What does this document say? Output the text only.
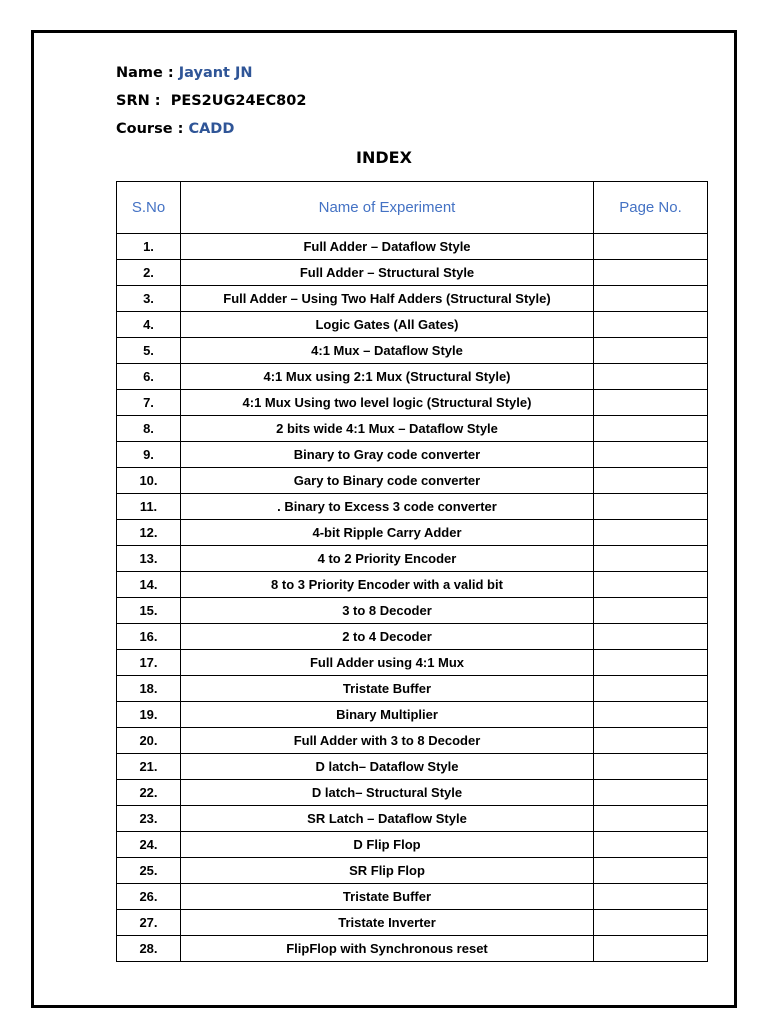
Name : Jayant JN
SRN :  PES2UG24EC802
Course : CADD
INDEX
S.No	Name of Experiment	Page No.
1.	Full Adder – Dataflow Style	
2.	Full Adder – Structural Style	
3.	Full Adder – Using Two Half Adders (Structural Style)	
4.	Logic Gates (All Gates)	
5.	4:1 Mux – Dataflow Style	
6.	4:1 Mux using 2:1 Mux (Structural Style)	
7.	4:1 Mux Using two level logic (Structural Style)	
8.	2 bits wide 4:1 Mux – Dataflow Style	
9.	Binary to Gray code converter	
10.	Gary to Binary code converter	
11.	. Binary to Excess 3 code converter	
12.	4-bit Ripple Carry Adder	
13.	4 to 2 Priority Encoder	
14.	8 to 3 Priority Encoder with a valid bit	
15.	3 to 8 Decoder	
16.	2 to 4 Decoder	
17.	Full Adder using 4:1 Mux	
18.	Tristate Buffer	
19.	Binary Multiplier	
20.	Full Adder with 3 to 8 Decoder	
21.	D latch– Dataflow Style	
22.	D latch– Structural Style	
23.	SR Latch – Dataflow Style	
24.	D Flip Flop	
25.	SR Flip Flop	
26.	Tristate Buffer	
27.	Tristate Inverter	
28.	FlipFlop with Synchronous reset	
